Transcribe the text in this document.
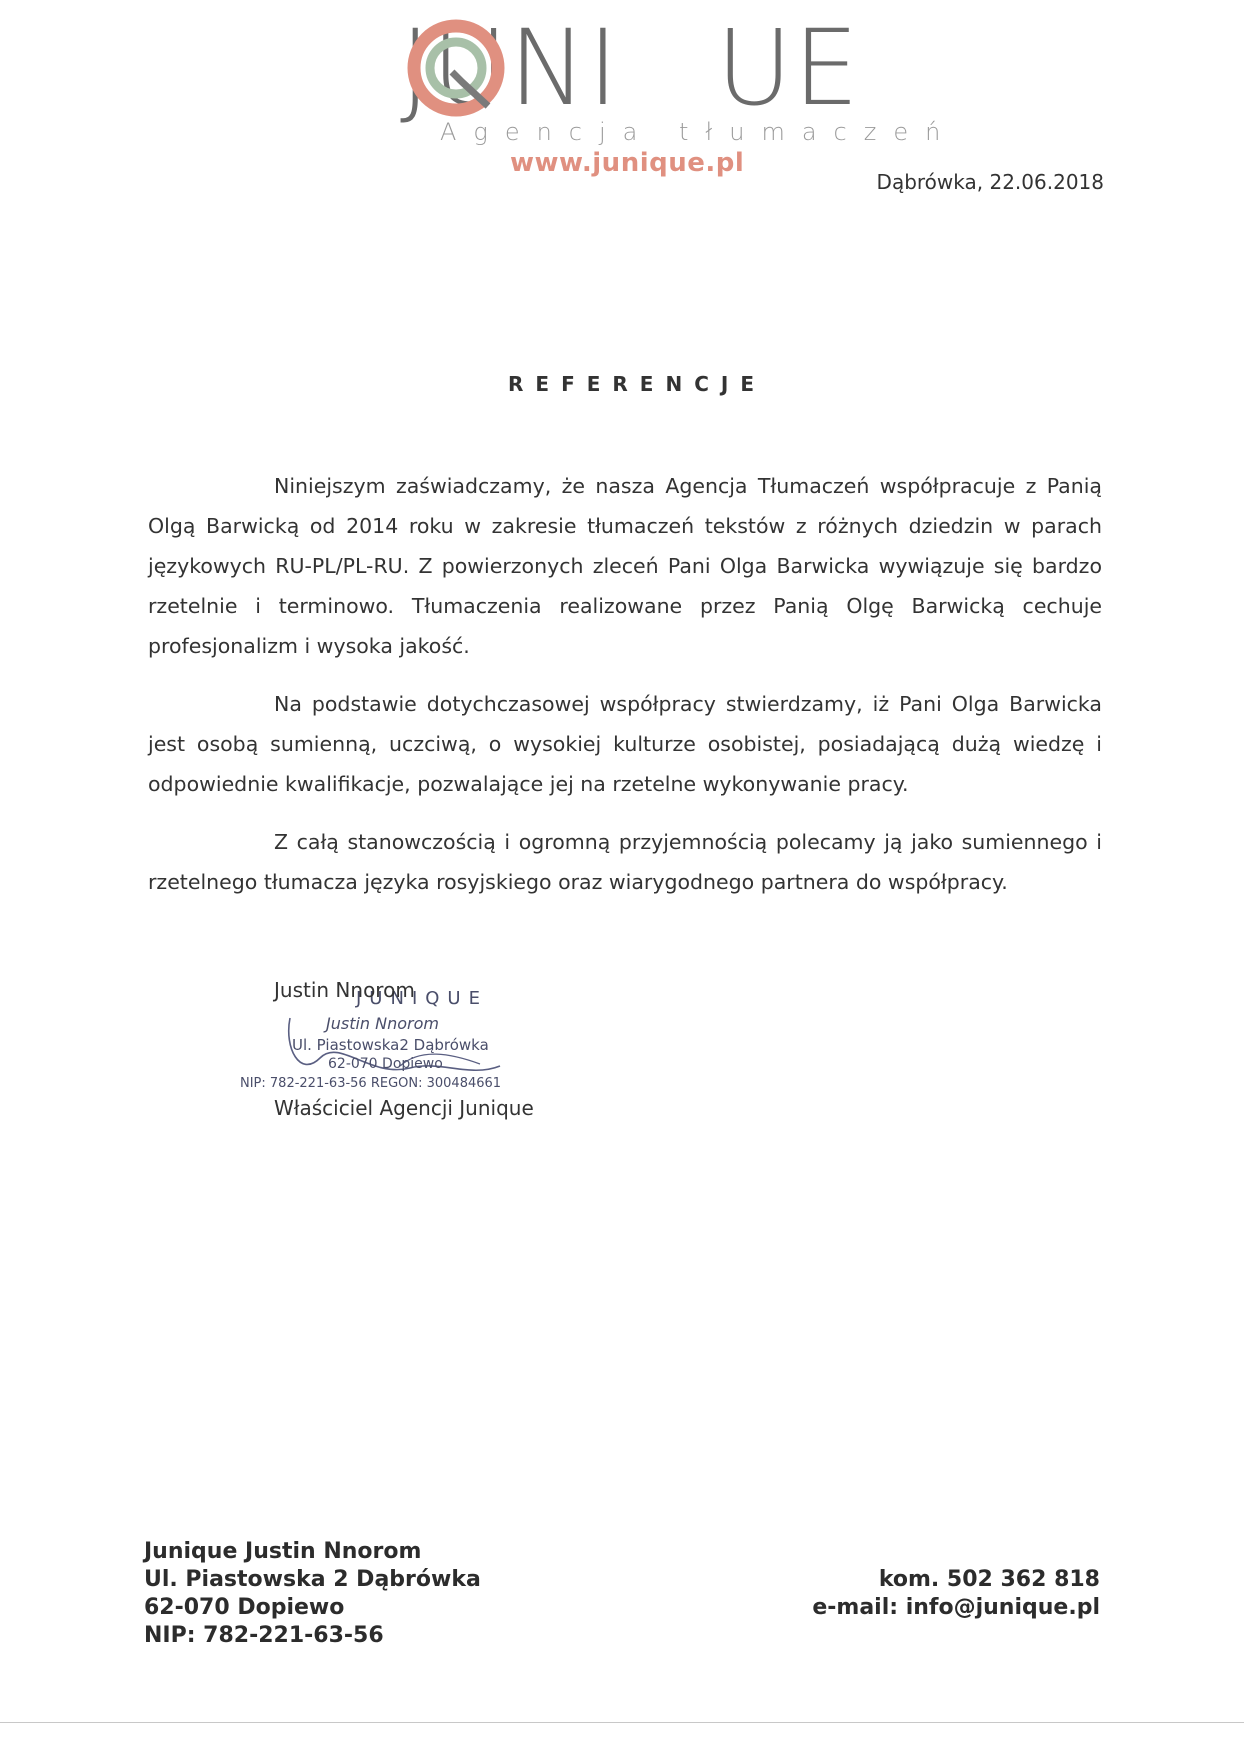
JUNI UE
Agencja tłumaczeń
www.junique.pl
Dąbrówka, 22.06.2018
REFERENCJE

Niniejszym zaświadczamy, że nasza Agencja Tłumaczeń współpracuje z Panią Olgą Barwicką od 2014 roku w zakresie tłumaczeń tekstów z różnych dziedzin w parach językowych RU-PL/PL-RU. Z powierzonych zleceń Pani Olga Barwicka wywiązuje się bardzo rzetelnie i terminowo. Tłumaczenia realizowane przez Panią Olgę Barwicką cechuje profesjonalizm i wysoka jakość.

Na podstawie dotychczasowej współpracy stwierdzamy, iż Pani Olga Barwicka jest osobą sumienną, uczciwą, o wysokiej kulturze osobistej, posiadającą dużą wiedzę i odpowiednie kwalifikacje, pozwalające jej na rzetelne wykonywanie pracy.

Z całą stanowczością i ogromną przyjemnością polecamy ją jako sumiennego i rzetelnego tłumacza języka rosyjskiego oraz wiarygodnego partnera do współpracy.

JUNIQUE
Justin Nnorom
Ul. Piastowska2 Dąbrówka
62-070 Dopiewo
NIP: 782-221-63-56 REGON: 300484661
Justin Nnorom
Właściciel Agencji Junique
Junique Justin Nnorom
Ul. Piastowska 2 Dąbrówka
62-070 Dopiewo
NIP: 782-221-63-56
kom. 502 362 818
e-mail: info@junique.pl
